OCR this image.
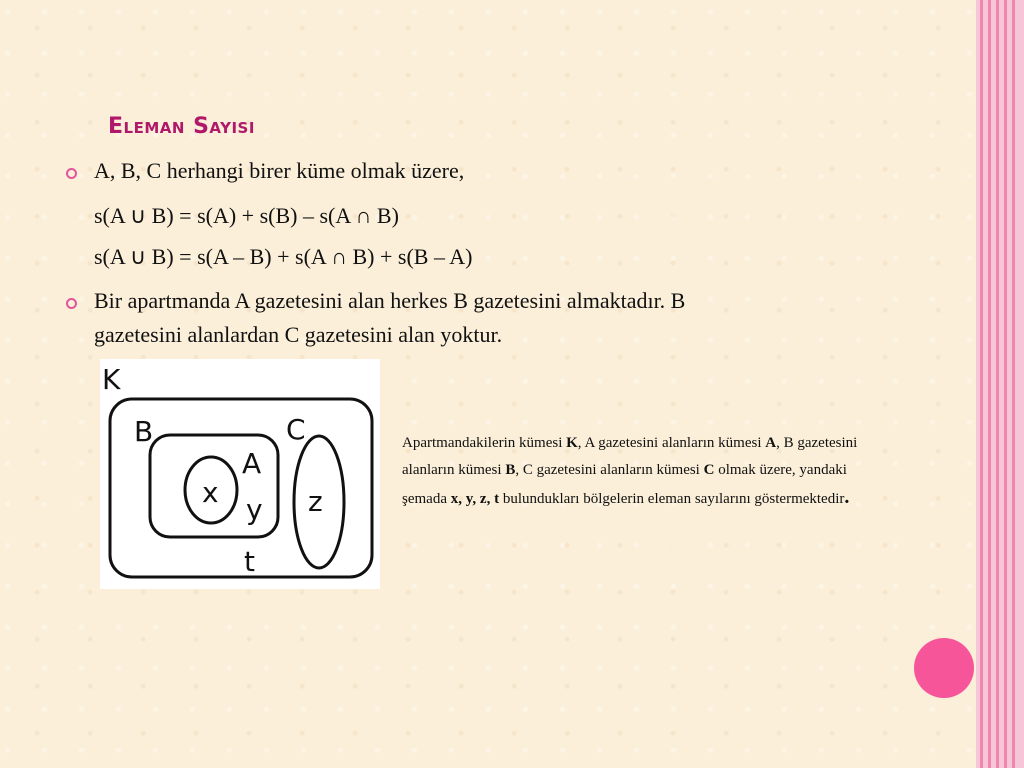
Eleman Sayisi
A, B, C herhangi birer küme olmak üzere,
s(A ∪ B) = s(A) + s(B) – s(A ∩ B)
s(A ∪ B) = s(A – B) + s(A ∩ B) + s(B – A)
Bir apartmanda A gazetesini alan herkes B gazetesini almaktadır. B
gazetesini alanlardan C gazetesini alan yoktur.
K
B	C
A
x
y z
t
Apartmandakilerin kümesi K, A gazetesini alanların kümesi A, B gazetesini alanların kümesi B, C gazetesini alanların kümesi C olmak üzere, yandaki şemada x, y, z, t bulundukları bölgelerin eleman sayılarını göstermektedir.
